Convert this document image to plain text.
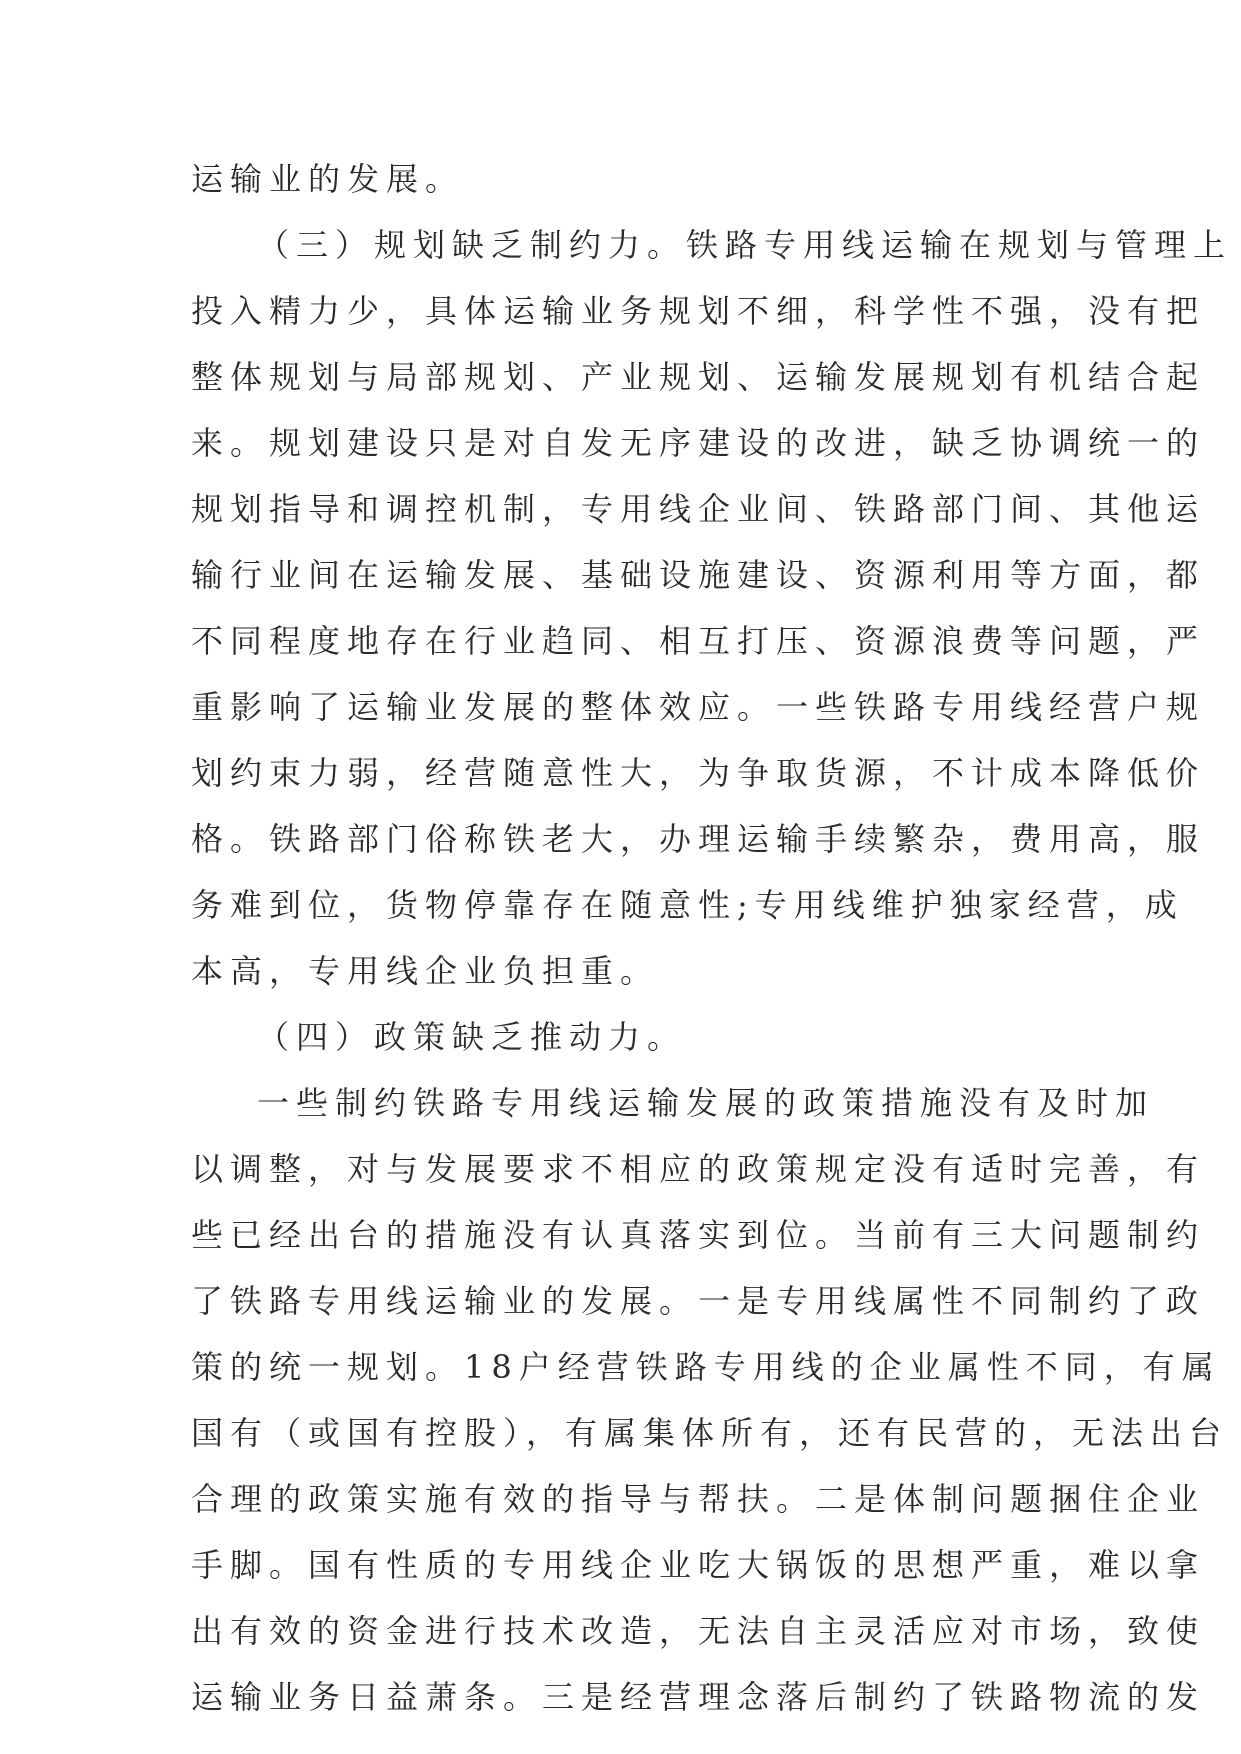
运输业的发展。
（三）规划缺乏制约力。铁路专用线运输在规划与管理上
投入精力少，具体运输业务规划不细，科学性不强，没有把
整体规划与局部规划、产业规划、运输发展规划有机结合起
来。规划建设只是对自发无序建设的改进，缺乏协调统一的
规划指导和调控机制，专用线企业间、铁路部门间、其他运
输行业间在运输发展、基础设施建设、资源利用等方面，都
不同程度地存在行业趋同、相互打压、资源浪费等问题，严
重影响了运输业发展的整体效应。一些铁路专用线经营户规
划约束力弱，经营随意性大，为争取货源，不计成本降低价
格。铁路部门俗称铁老大，办理运输手续繁杂，费用高，服
务难到位，货物停靠存在随意性;专用线维护独家经营，成
本高，专用线企业负担重。
（四）政策缺乏推动力。
一些制约铁路专用线运输发展的政策措施没有及时加
以调整，对与发展要求不相应的政策规定没有适时完善，有
些已经出台的措施没有认真落实到位。当前有三大问题制约
了铁路专用线运输业的发展。一是专用线属性不同制约了政
策的统一规划。18户经营铁路专用线的企业属性不同，有属
国有（或国有控股），有属集体所有，还有民营的，无法出台
合理的政策实施有效的指导与帮扶。二是体制问题捆住企业
手脚。国有性质的专用线企业吃大锅饭的思想严重，难以拿
出有效的资金进行技术改造，无法自主灵活应对市场，致使
运输业务日益萧条。三是经营理念落后制约了铁路物流的发
